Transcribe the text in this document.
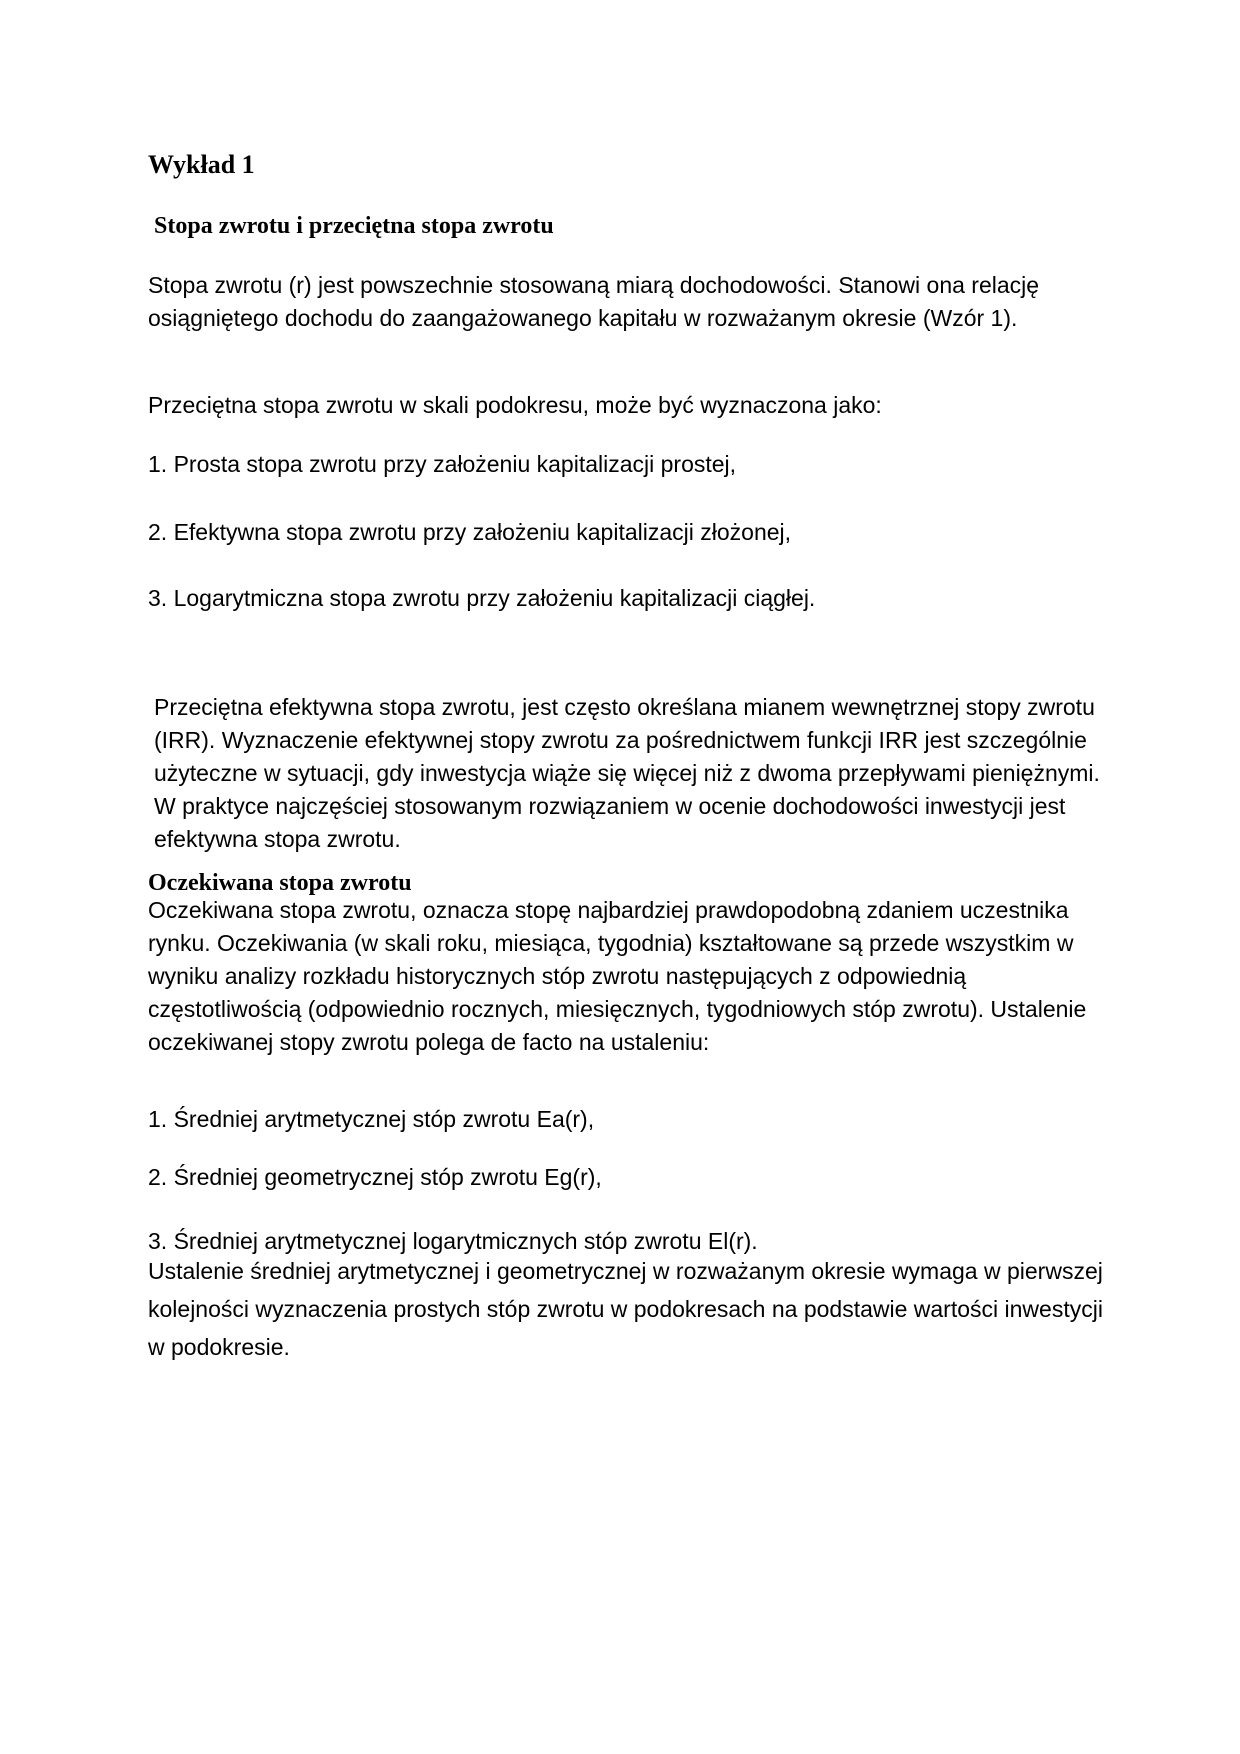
Wykład 1
Stopa zwrotu i przeciętna stopa zwrotu

Stopa zwrotu (r) jest powszechnie stosowaną miarą dochodowości. Stanowi ona relację osiągniętego dochodu do zaangażowanego kapitału w rozważanym okresie (Wzór 1).

Przeciętna stopa zwrotu w skali podokresu, może być wyznaczona jako:

1. Prosta stopa zwrotu przy założeniu kapitalizacji prostej,

2. Efektywna stopa zwrotu przy założeniu kapitalizacji złożonej,

3. Logarytmiczna stopa zwrotu przy założeniu kapitalizacji ciągłej.

Przeciętna efektywna stopa zwrotu, jest często określana mianem wewnętrznej stopy zwrotu (IRR). Wyznaczenie efektywnej stopy zwrotu za pośrednictwem funkcji IRR jest szczególnie użyteczne w sytuacji, gdy inwestycja wiąże się więcej niż z dwoma przepływami pieniężnymi. W praktyce najczęściej stosowanym rozwiązaniem w ocenie dochodowości inwestycji jest efektywna stopa zwrotu.

Oczekiwana stopa zwrotu

Oczekiwana stopa zwrotu, oznacza stopę najbardziej prawdopodobną zdaniem uczestnika rynku. Oczekiwania (w skali roku, miesiąca, tygodnia) kształtowane są przede wszystkim w wyniku analizy rozkładu historycznych stóp zwrotu następujących z odpowiednią częstotliwością (odpowiednio rocznych, miesięcznych, tygodniowych stóp zwrotu). Ustalenie oczekiwanej stopy zwrotu polega de facto na ustaleniu:

1. Średniej arytmetycznej stóp zwrotu Ea(r),

2. Średniej geometrycznej stóp zwrotu Eg(r),

3. Średniej arytmetycznej logarytmicznych stóp zwrotu El(r).

Ustalenie średniej arytmetycznej i geometrycznej w rozważanym okresie wymaga w pierwszej kolejności wyznaczenia prostych stóp zwrotu w podokresach na podstawie wartości inwestycji w podokresie.
